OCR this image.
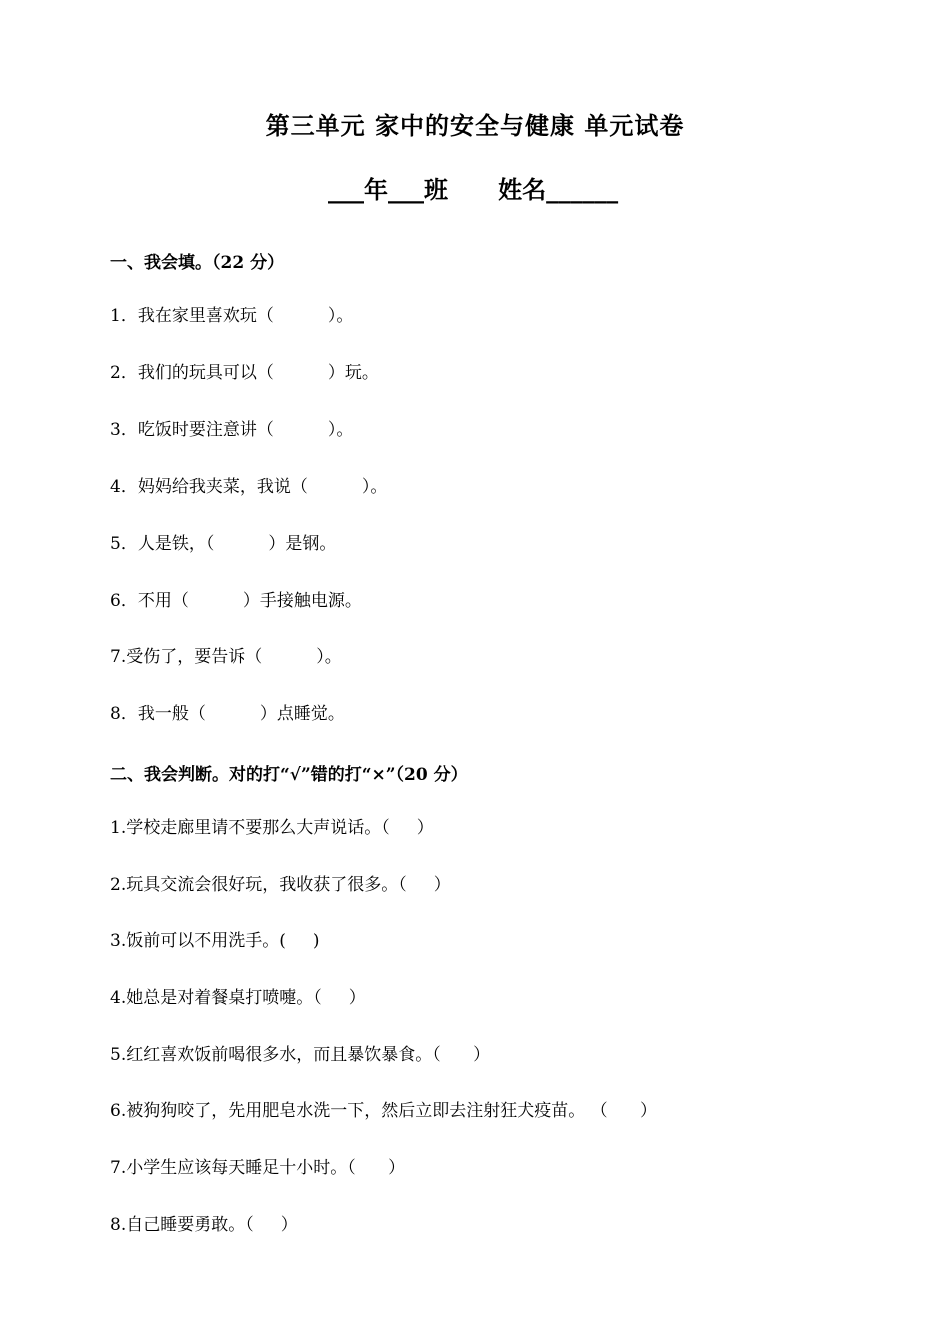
第三单元 家中的安全与健康 单元试卷
___年___班      姓名______
一、我会填。（22 分）
1．我在家里喜欢玩（          ）。
2．我们的玩具可以（          ）玩。
3．吃饭时要注意讲（          ）。
4．妈妈给我夹菜，我说（          ）。
5．人是铁，（          ）是钢。
6．不用（          ）手接触电源。
7.受伤了，要告诉（          ）。
8．我一般（          ）点睡觉。
二、我会判断。对的打“√”错的打“×”（20 分）
1.学校走廊里请不要那么大声说话。（     ）
2.玩具交流会很好玩，我收获了很多。（     ）
3.饭前可以不用洗手。(     )
4.她总是对着餐桌打喷嚏。（     ）
5.红红喜欢饭前喝很多水，而且暴饮暴食。（      ）
6.被狗狗咬了，先用肥皂水洗一下，然后立即去注射狂犬疫苗。 （      ）
7.小学生应该每天睡足十小时。（      ）
8.自己睡要勇敢。（     ）
